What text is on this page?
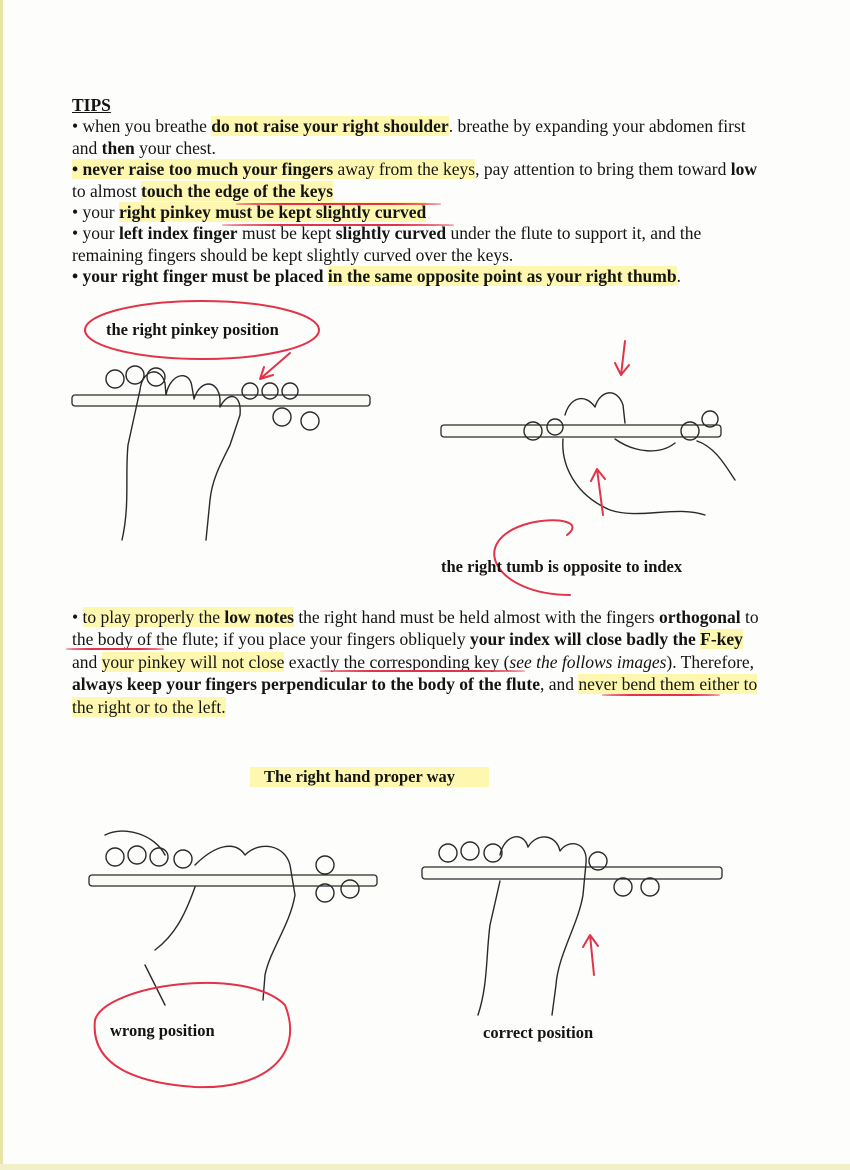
TIPS
• when you breathe do not raise your right shoulder. breathe by expanding your abdomen first and then your chest.
• never raise too much your fingers away from the keys, pay attention to bring them toward low to almost touch the edge of the keys
• your right pinkey must be kept slightly curved
• your left index finger must be kept slightly curved under the flute to support it, and the remaining fingers should be kept slightly curved over the keys.
• your right finger must be placed in the same opposite point as your right thumb.
the right pinkey position
the right tumb is opposite to index
• to play properly the low notes the right hand must be held almost with the fingers orthogonal to the body of the flute; if you place your fingers obliquely your index will close badly the F-key and your pinkey will not close exactly the corresponding key (see the follows images). Therefore, always keep your fingers perpendicular to the body of the flute, and never bend them either to the right or to the left.
The right hand proper way
wrong position	correct position
